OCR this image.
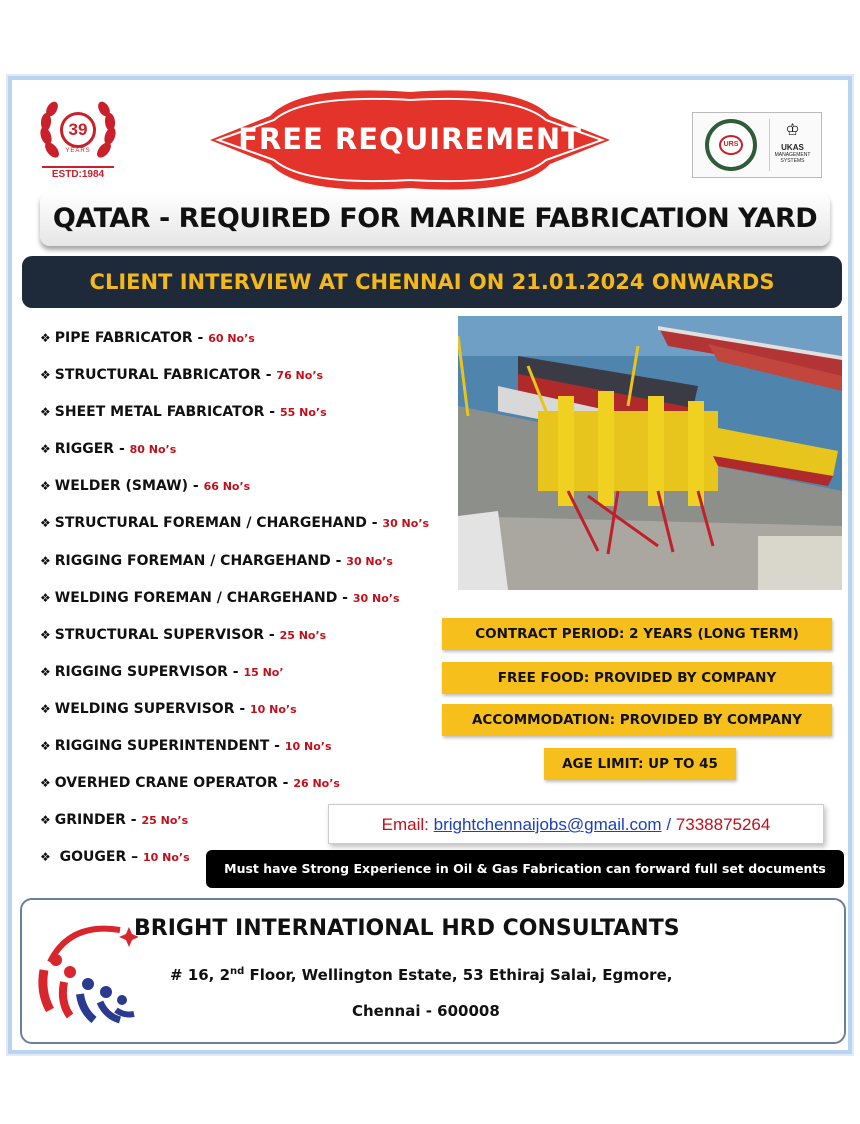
39
YEARS
ESTD:1984
FREE REQUIREMENT	URS
♔
UKAS
MANAGEMENT SYSTEMS
QATAR - REQUIRED FOR MARINE FABRICATION YARD
CLIENT INTERVIEW AT CHENNAI ON 21.01.2024 ONWARDS
❖ PIPE FABRICATOR - 60 No’s
❖ STRUCTURAL FABRICATOR - 76 No’s
❖ SHEET METAL FABRICATOR - 55 No’s
❖ RIGGER - 80 No’s
❖ WELDER (SMAW) - 66 No’s
❖ STRUCTURAL FOREMAN / CHARGEHAND - 30 No’s
❖ RIGGING FOREMAN / CHARGEHAND - 30 No’s
❖ WELDING FOREMAN / CHARGEHAND - 30 No’s
❖ STRUCTURAL SUPERVISOR - 25 No’s
❖ RIGGING SUPERVISOR - 15 No’
❖ WELDING SUPERVISOR - 10 No’s
❖ RIGGING SUPERINTENDENT - 10 No’s
❖ OVERHED CRANE OPERATOR - 26 No’s
❖ GRINDER - 25 No’s
❖ GOUGER – 10 No’s
CONTRACT PERIOD: 2 YEARS (LONG TERM)
FREE FOOD: PROVIDED BY COMPANY
ACCOMMODATION: PROVIDED BY COMPANY
AGE LIMIT: UP TO 45
Email: brightchennaijobs@gmail.com / 7338875264
Must have Strong Experience in Oil & Gas Fabrication can forward full set documents
BRIGHT INTERNATIONAL HRD CONSULTANTS
# 16, 2nd Floor, Wellington Estate, 53 Ethiraj Salai, Egmore,
Chennai - 600008
